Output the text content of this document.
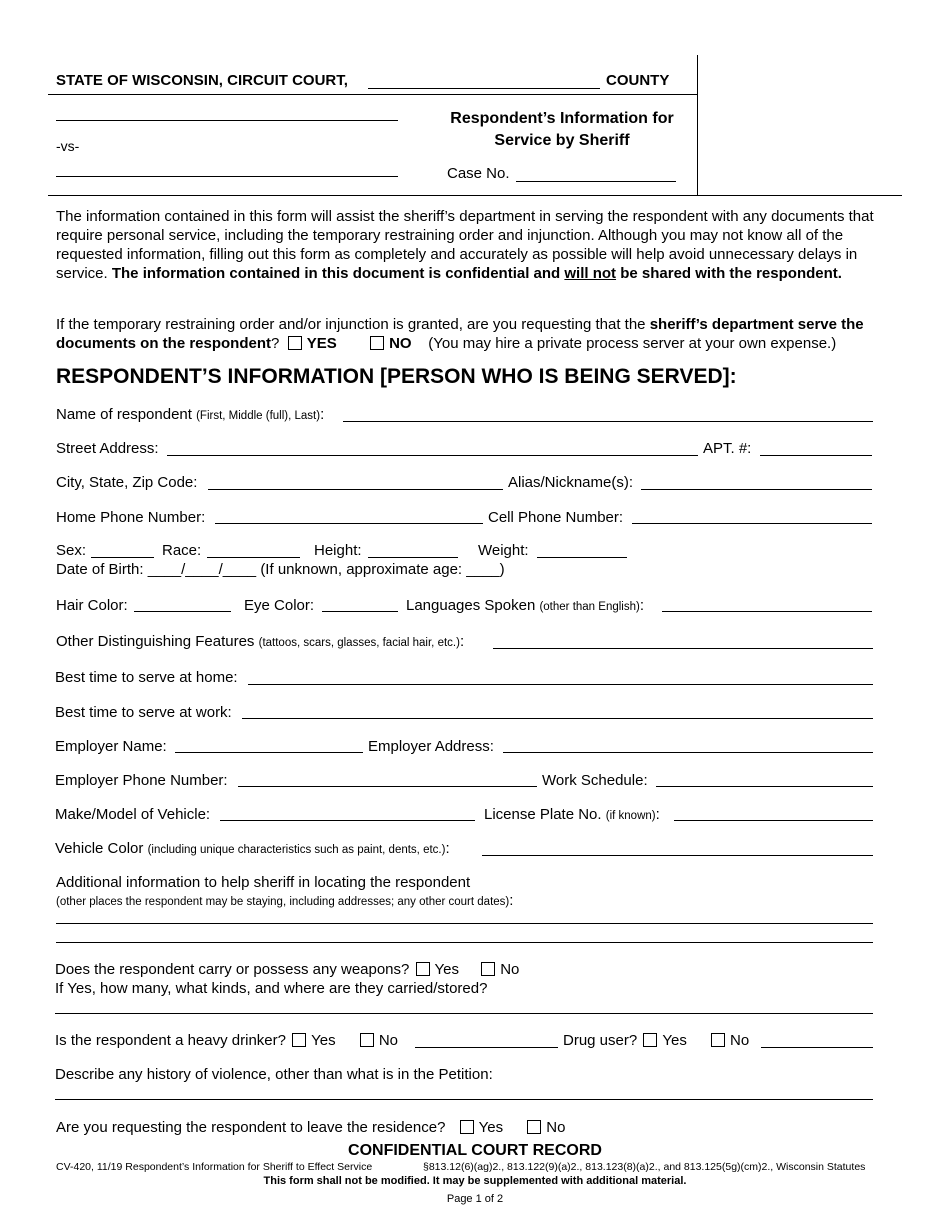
STATE OF WISCONSIN, CIRCUIT COURT,	COUNTY
-vs-
Respondent’s Information for
Service by Sheriff
Case No.
The information contained in this form will assist the sheriff’s department in serving the respondent with any documents that require personal service, including the temporary restraining order and injunction. Although you may not know all of the requested information, filling out this form as completely and accurately as possible will help avoid unnecessary delays in service. The information contained in this document is confidential and will not be shared with the respondent.
If the temporary restraining order and/or injunction is granted, are you requesting that the sheriff’s department serve the documents on the respondent? YES	NO (You may hire a private process server at your own expense.)
RESPONDENT’S INFORMATION [PERSON WHO IS BEING SERVED]:
Name of respondent (First, Middle (full), Last):
Street Address:	APT. #:
City, State, Zip Code:	Alias/Nickname(s):
Home Phone Number:	Cell Phone Number:
Sex:	Race:	Height:	Weight:
Date of Birth: ____/____/____ (If unknown, approximate age: ____)
Hair Color:	Eye Color:	Languages Spoken (other than English):
Other Distinguishing Features (tattoos, scars, glasses, facial hair, etc.):
Best time to serve at home:
Best time to serve at work:
Employer Name:	Employer Address:
Employer Phone Number:	Work Schedule:
Make/Model of Vehicle:	License Plate No. (if known):
Vehicle Color (including unique characteristics such as paint, dents, etc.):
Additional information to help sheriff in locating the respondent
(other places the respondent may be staying, including addresses; any other court dates):
Does the respondent carry or possess any weapons? Yes	No
If Yes, how many, what kinds, and where are they carried/stored?
Is the respondent a heavy drinker? Yes	No	Drug user? Yes	No
Describe any history of violence, other than what is in the Petition:
Are you requesting the respondent to leave the residence? Yes	No
CONFIDENTIAL COURT RECORD
CV-420, 11/19 Respondent’s Information for Sheriff to Effect Service	§813.12(6)(ag)2., 813.122(9)(a)2., 813.123(8)(a)2., and 813.125(5g)(cm)2., Wisconsin Statutes
This form shall not be modified. It may be supplemented with additional material.
Page 1 of 2
